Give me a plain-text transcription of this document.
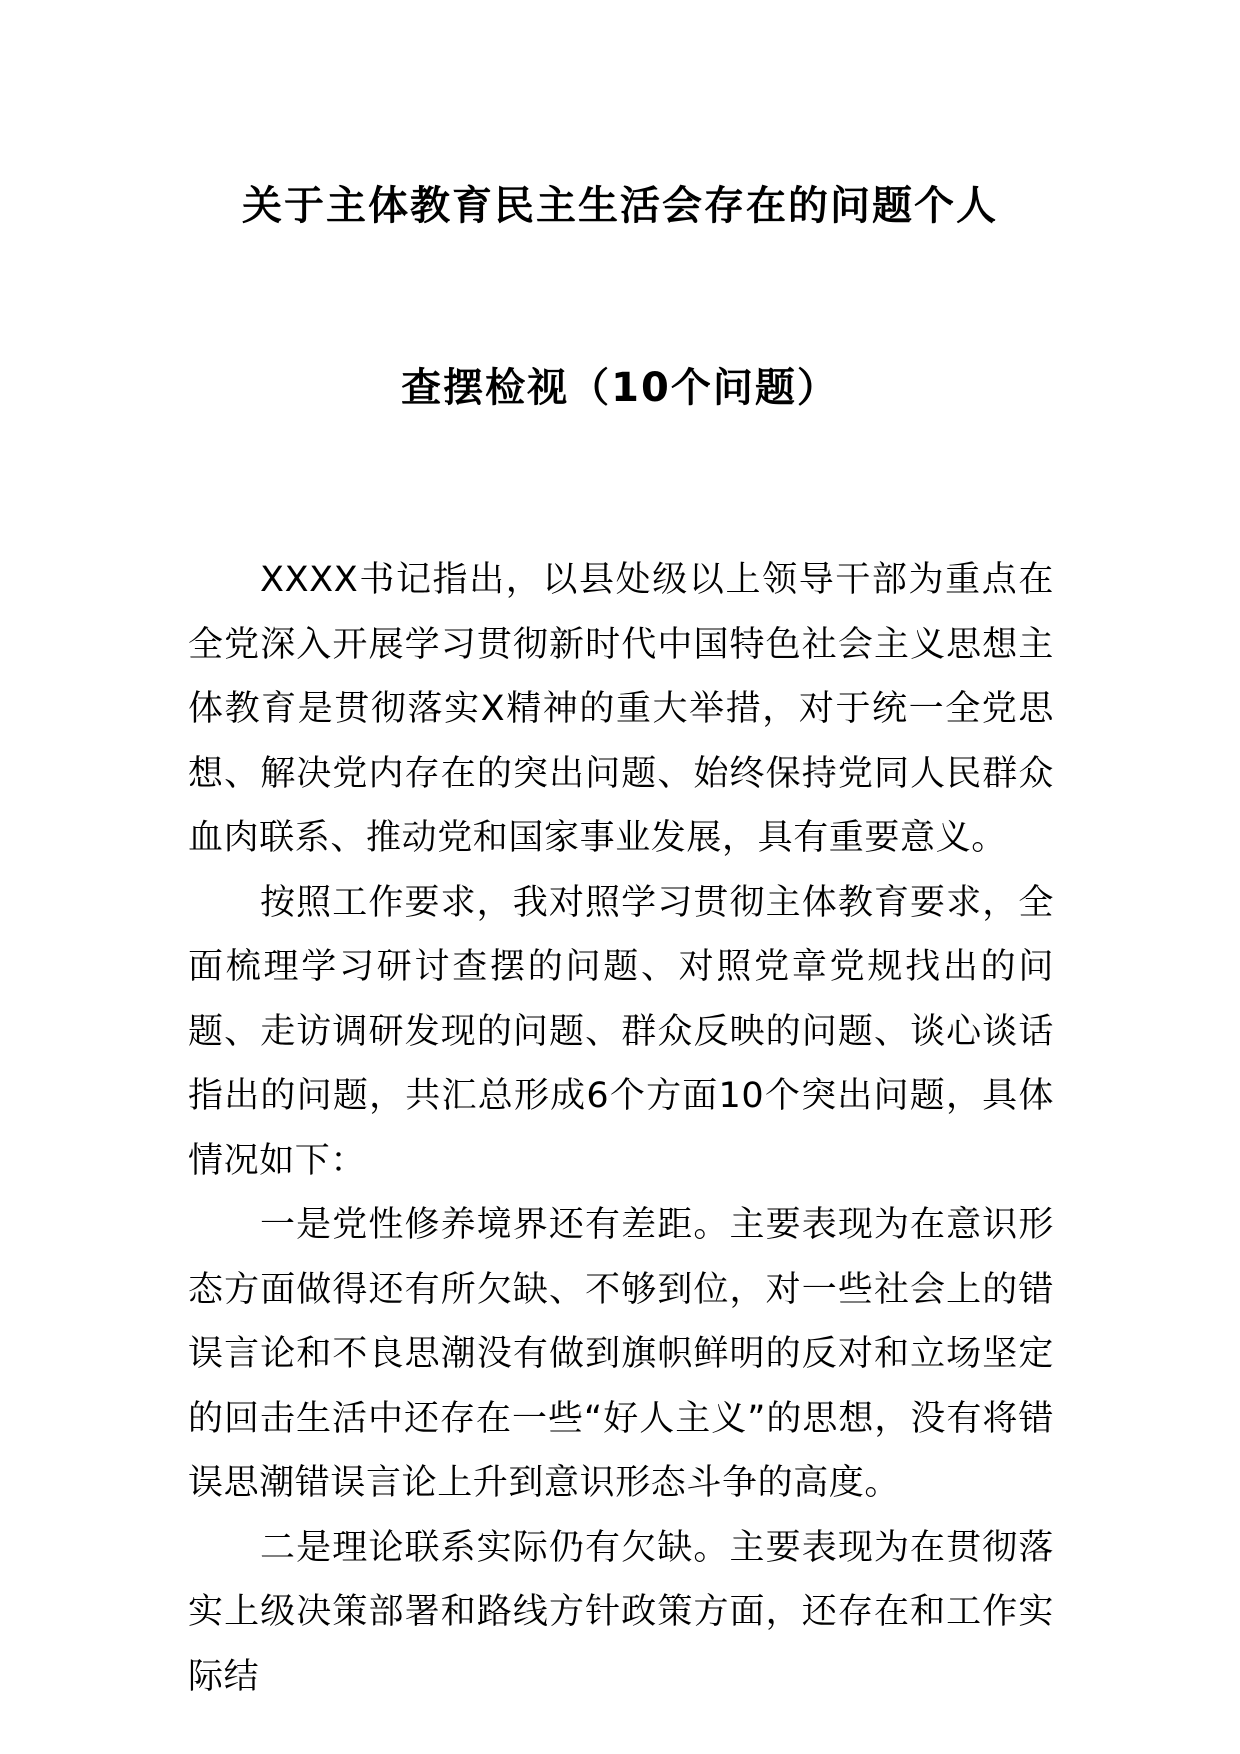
关于主体教育民主生活会存在的问题个人
查摆检视（10个问题）

XXXX书记指出，以县处级以上领导干部为重点在全党深入开展学习贯彻新时代中国特色社会主义思想主体教育是贯彻落实X精神的重大举措，对于统一全党思想、解决党内存在的突出问题、始终保持党同人民群众血肉联系、推动党和国家事业发展，具有重要意义。

按照工作要求，我对照学习贯彻主体教育要求，全面梳理学习研讨查摆的问题、对照党章党规找出的问题、走访调研发现的问题、群众反映的问题、谈心谈话指出的问题，共汇总形成6个方面10个突出问题，具体情况如下：

一是党性修养境界还有差距。主要表现为在意识形态方面做得还有所欠缺、不够到位，对一些社会上的错误言论和不良思潮没有做到旗帜鲜明的反对和立场坚定的回击生活中还存在一些“好人主义”的思想，没有将错误思潮错误言论上升到意识形态斗争的高度。

二是理论联系实际仍有欠缺。主要表现为在贯彻落实上级决策部署和路线方针政策方面，还存在和工作实际结
